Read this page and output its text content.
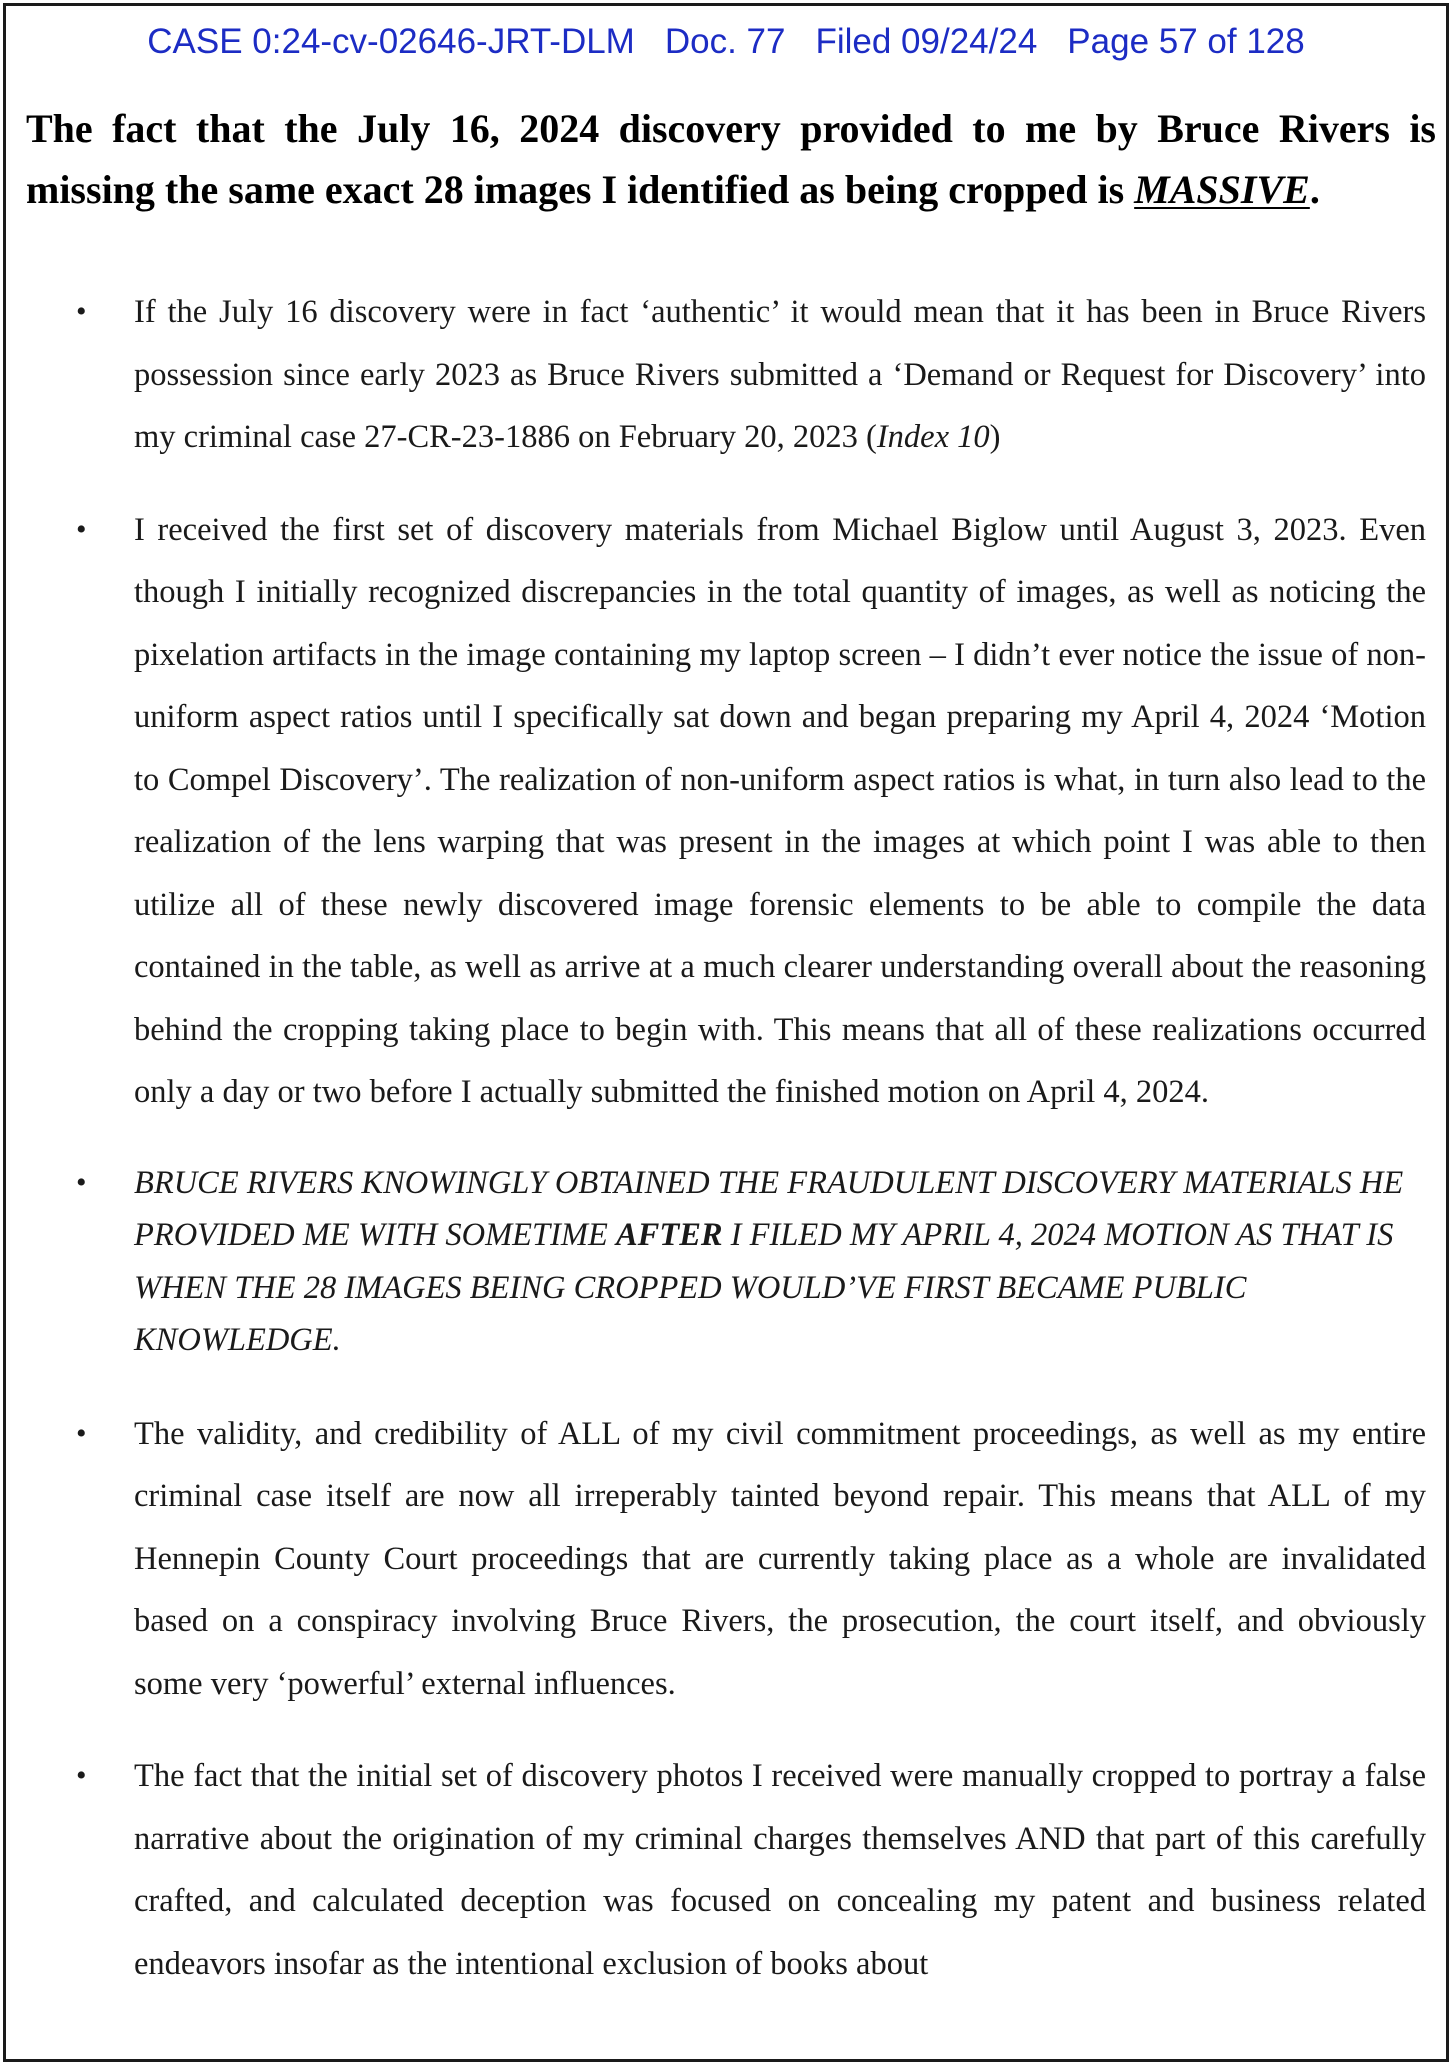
CASE 0:24-cv-02646-JRT-DLM Doc. 77 Filed 09/24/24 Page 57 of 128

The fact that the July 16, 2024 discovery provided to me by Bruce Rivers is missing the same exact 28 images I identified as being cropped is MASSIVE.

• If the July 16 discovery were in fact ‘authentic’ it would mean that it has been in Bruce Rivers possession since early 2023 as Bruce Rivers submitted a ‘Demand or Request for Discovery’ into my criminal case 27-CR-23-1886 on February 20, 2023 (Index 10)
• I received the first set of discovery materials from Michael Biglow until August 3, 2023. Even though I initially recognized discrepancies in the total quantity of images, as well as noticing the pixelation artifacts in the image containing my laptop screen – I didn’t ever notice the issue of non-uniform aspect ratios until I specifically sat down and began preparing my April 4, 2024 ‘Motion to Compel Discovery’. The realization of non-uniform aspect ratios is what, in turn also lead to the realization of the lens warping that was present in the images at which point I was able to then utilize all of these newly discovered image forensic elements to be able to compile the data contained in the table, as well as arrive at a much clearer understanding overall about the reasoning behind the cropping taking place to begin with. This means that all of these realizations occurred only a day or two before I actually submitted the finished motion on April 4, 2024.
• BRUCE RIVERS KNOWINGLY OBTAINED THE FRAUDULENT DISCOVERY MATERIALS HE PROVIDED ME WITH SOMETIME AFTER I FILED MY APRIL 4, 2024 MOTION AS THAT IS WHEN THE 28 IMAGES BEING CROPPED WOULD’VE FIRST BECAME PUBLIC KNOWLEDGE.
• The validity, and credibility of ALL of my civil commitment proceedings, as well as my entire criminal case itself are now all irreperably tainted beyond repair. This means that ALL of my Hennepin County Court proceedings that are currently taking place as a whole are invalidated based on a conspiracy involving Bruce Rivers, the prosecution, the court itself, and obviously some very ‘powerful’ external influences.
• The fact that the initial set of discovery photos I received were manually cropped to portray a false narrative about the origination of my criminal charges themselves AND that part of this carefully crafted, and calculated deception was focused on concealing my patent and business related endeavors insofar as the intentional exclusion of books about
